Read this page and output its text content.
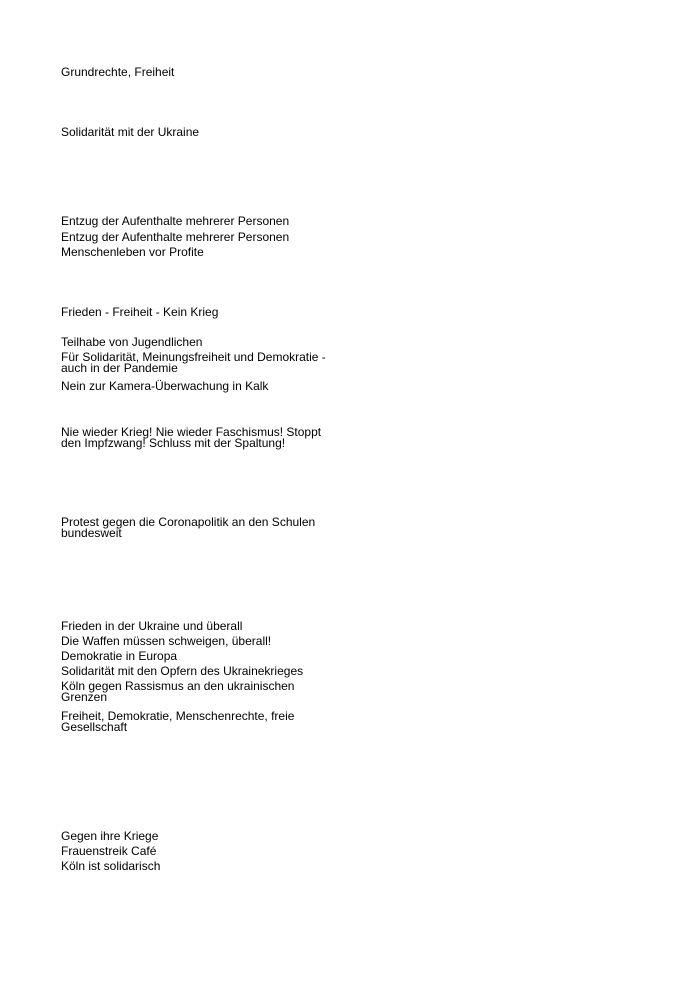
Grundrechte, Freiheit
Solidarität mit der Ukraine
Entzug der Aufenthalte mehrerer Personen
Entzug der Aufenthalte mehrerer Personen
Menschenleben vor Profite
Frieden - Freiheit - Kein Krieg
Teilhabe von Jugendlichen
Für Solidarität, Meinungsfreiheit und Demokratie - auch in der Pandemie
Nein zur Kamera-Überwachung in Kalk
Nie wieder Krieg! Nie wieder Faschismus! Stoppt den Impfzwang! Schluss mit der Spaltung!
Protest gegen die Coronapolitik an den Schulen bundesweit
Frieden in der Ukraine und überall
Die Waffen müssen schweigen, überall!
Demokratie in Europa
Solidarität mit den Opfern des Ukrainekrieges
Köln gegen Rassismus an den ukrainischen Grenzen
Freiheit, Demokratie, Menschenrechte, freie Gesellschaft
Gegen ihre Kriege
Frauenstreik Café
Köln ist solidarisch
